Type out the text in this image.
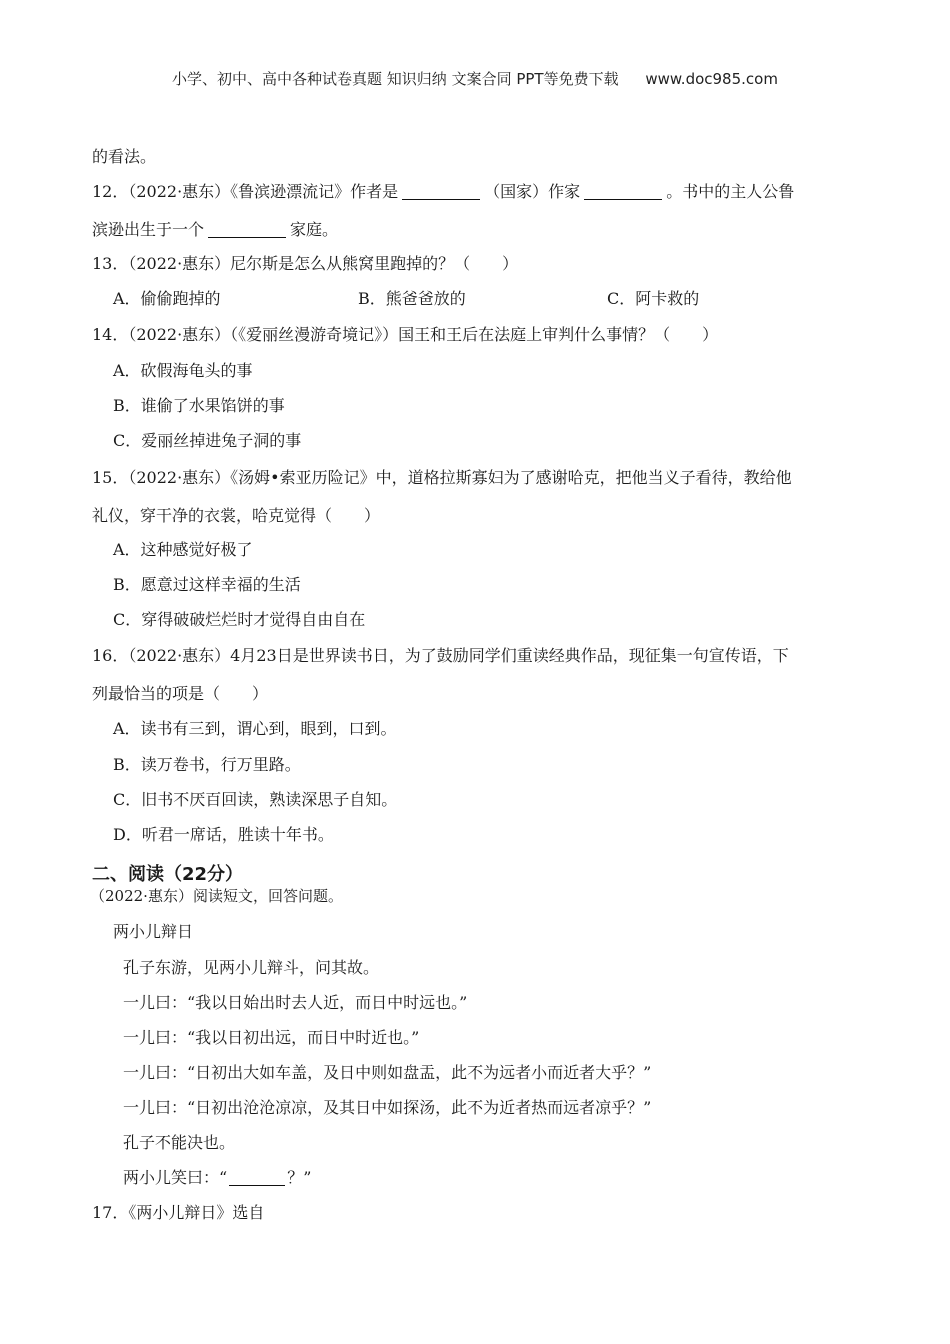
小学、初中、高中各种试卷真题 知识归纳 文案合同 PPT等免费下载 www.doc985.com
的看法。
12．（2022·惠东）《鲁滨逊漂流记》作者是	（国家）作家	。书中的主人公鲁
滨逊出生于一个	家庭。
13．（2022·惠东）尼尔斯是怎么从熊窝里跑掉的？（　　）
A．偷偷跑掉的	B．熊爸爸放的	C．阿卡救的
14．（2022·惠东）（《爱丽丝漫游奇境记》）国王和王后在法庭上审判什么事情？（　　）
A．砍假海龟头的事
B．谁偷了水果馅饼的事
C．爱丽丝掉进兔子洞的事
15．（2022·惠东）《汤姆•索亚历险记》中，道格拉斯寡妇为了感谢哈克，把他当义子看待，教给他
礼仪，穿干净的衣裳，哈克觉得（　　）
A．这种感觉好极了
B．愿意过这样幸福的生活
C．穿得破破烂烂时才觉得自由自在
16．（2022·惠东）4月23日是世界读书日，为了鼓励同学们重读经典作品，现征集一句宣传语，下
列最恰当的项是（　　）
A．读书有三到，谓心到，眼到，口到。
B．读万卷书，行万里路。
C．旧书不厌百回读，熟读深思子自知。
D．听君一席话，胜读十年书。
二、阅读（22分）
（2022·惠东）阅读短文，回答问题。
两小儿辩日
孔子东游，见两小儿辩斗，问其故。
一儿曰：“我以日始出时去人近，而日中时远也。”
一儿曰：“我以日初出远，而日中时近也。”
一儿曰：“日初出大如车盖，及日中则如盘盂，此不为远者小而近者大乎？”
一儿曰：“日初出沧沧凉凉，及其日中如探汤，此不为近者热而远者凉乎？”
孔子不能决也。
两小儿笑曰：“	？”
17．《两小儿辩日》选自
